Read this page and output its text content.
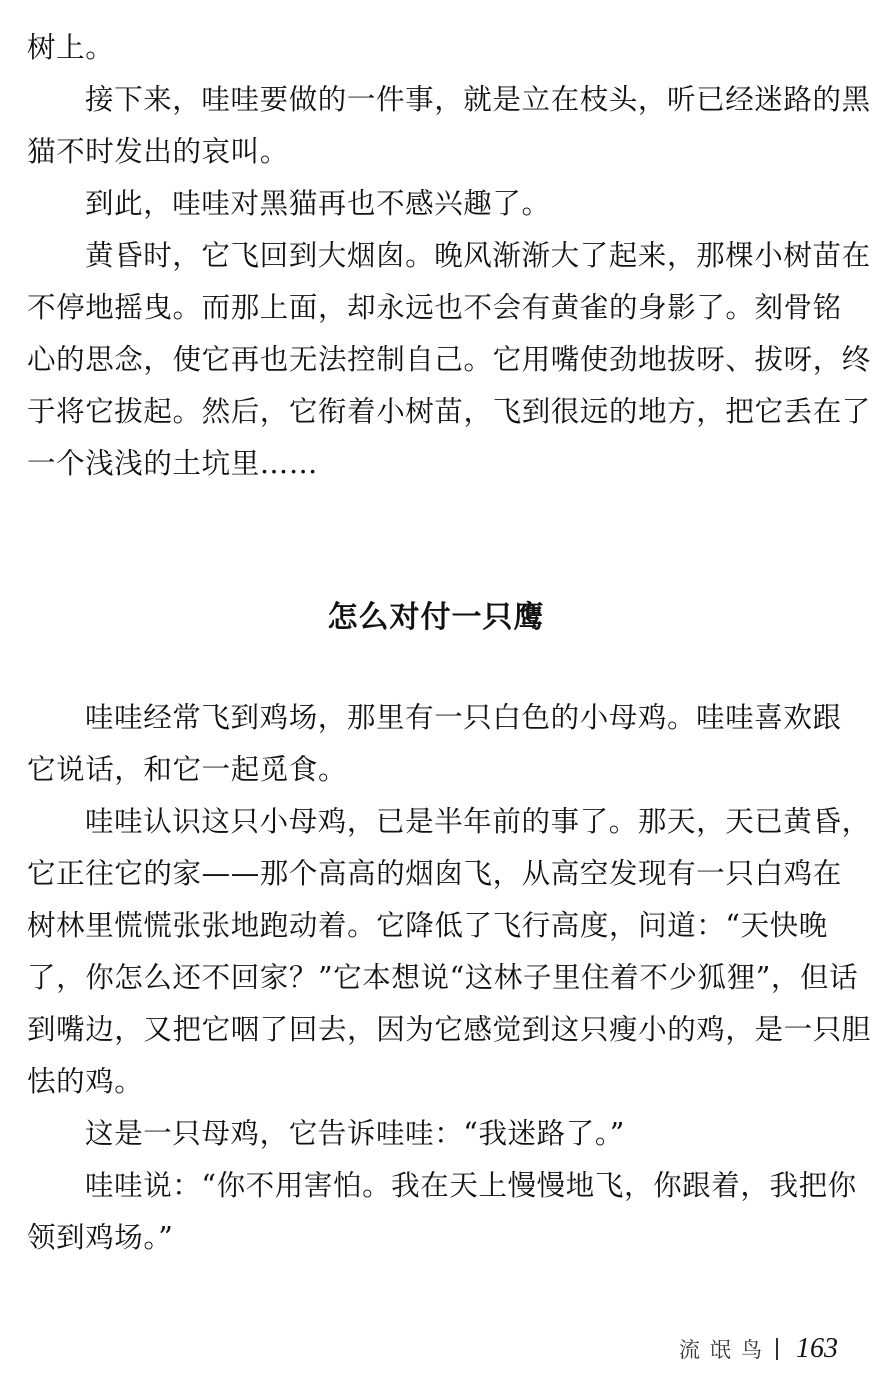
树上。
接下来，哇哇要做的一件事，就是立在枝头，听已经迷路的黑
猫不时发出的哀叫。
到此，哇哇对黑猫再也不感兴趣了。
黄昏时，它飞回到大烟囱。晚风渐渐大了起来，那棵小树苗在
不停地摇曳。而那上面，却永远也不会有黄雀的身影了。刻骨铭
心的思念，使它再也无法控制自己。它用嘴使劲地拔呀、拔呀，终
于将它拔起。然后，它衔着小树苗，飞到很远的地方，把它丢在了
一个浅浅的土坑里……
怎么对付一只鹰
哇哇经常飞到鸡场，那里有一只白色的小母鸡。哇哇喜欢跟
它说话，和它一起觅食。
哇哇认识这只小母鸡，已是半年前的事了。那天，天已黄昏，
它正往它的家——那个高高的烟囱飞，从高空发现有一只白鸡在
树林里慌慌张张地跑动着。它降低了飞行高度，问道：“天快晚
了，你怎么还不回家？”它本想说“这林子里住着不少狐狸”，但话
到嘴边，又把它咽了回去，因为它感觉到这只瘦小的鸡，是一只胆
怯的鸡。
这是一只母鸡，它告诉哇哇：“我迷路了。”
哇哇说：“你不用害怕。我在天上慢慢地飞，你跟着，我把你
领到鸡场。”
流氓鸟 163
